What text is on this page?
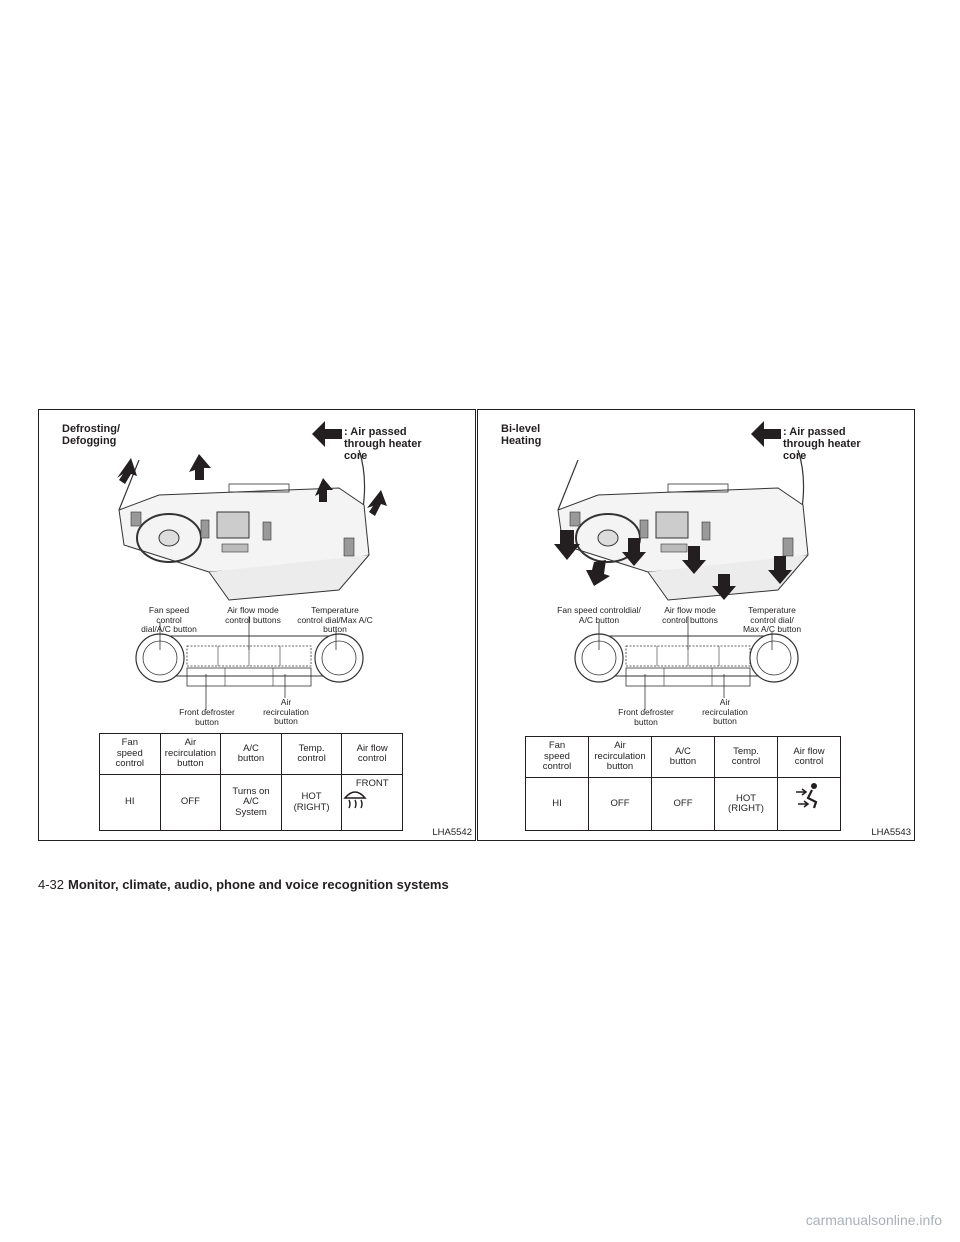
Defrosting/
Defogging
: Air passed
through heater
core
Fan speed
control
dial/A/C button
Air flow mode
control buttons
Temperature
control dial/Max A/C
button
Front defroster
button
Air
recirculation
button
Fan
speed
control	Air
recirculation
button	A/C
button	Temp.
control	Air flow
control
HI	OFF	Turns on
A/C
System	HOT
(RIGHT)	FRONT
LHA5542
Bi-level
Heating
: Air passed
through heater
core
Fan speed controldial/
A/C button
Air flow mode
control buttons
Temperature
control dial/
Max A/C button
Front defroster
button
Air
recirculation
button
Fan
speed
control	Air
recirculation
button	A/C
button	Temp.
control	Air flow
control
HI	OFF	OFF	HOT
(RIGHT)	
LHA5543
4-32 Monitor, climate, audio, phone and voice recognition systems
carmanualsonline.info
